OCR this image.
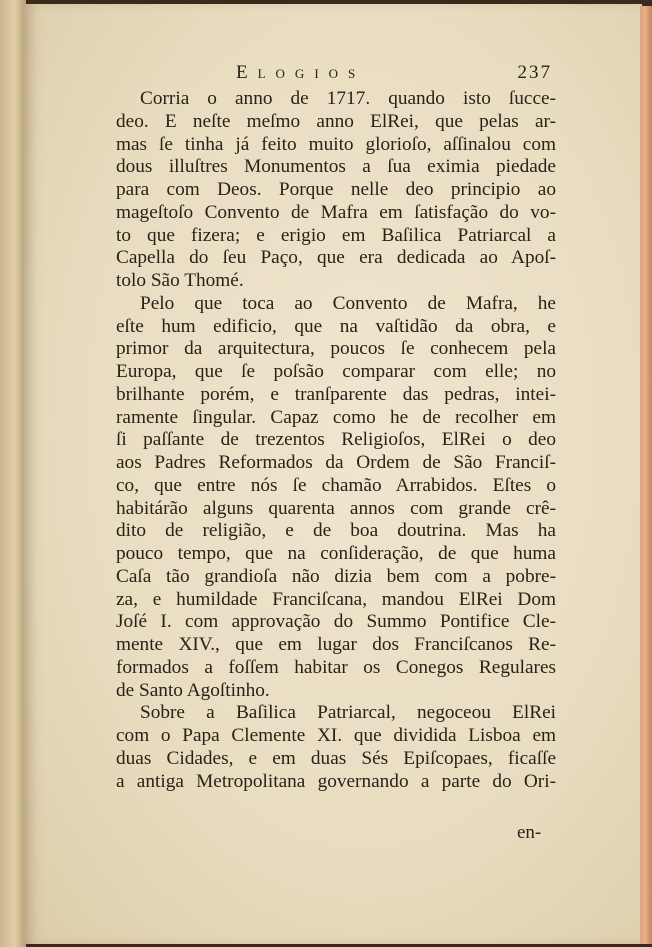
Elogios	237
Corria o anno de 1717. quando isto ſucce-
deo. E neſte meſmo anno ElRei, que pelas ar-
mas ſe tinha já feito muito glorioſo, aſſinalou com
dous illuſtres Monumentos a ſua eximia piedade
para com Deos. Porque nelle deo principio ao
mageſtoſo Convento de Mafra em ſatisfação do vo-
to que fizera; e erigio em Baſilica Patriarcal a
Capella do ſeu Paço, que era dedicada ao Apoſ-
tolo São Thomé.
Pelo que toca ao Convento de Mafra, he
eſte hum edificio, que na vaſtidão da obra, e
primor da arquitectura, poucos ſe conhecem pela
Europa, que ſe poſsão comparar com elle; no
brilhante porém, e tranſparente das pedras, intei-
ramente ſingular. Capaz como he de recolher em
ſi paſſante de trezentos Religioſos, ElRei o deo
aos Padres Reformados da Ordem de São Franciſ-
co, que entre nós ſe chamão Arrabidos. Eſtes o
habitárão alguns quarenta annos com grande crê-
dito de religião, e de boa doutrina. Mas ha
pouco tempo, que na conſideração, de que huma
Caſa tão grandioſa não dizia bem com a pobre-
za, e humildade Franciſcana, mandou ElRei Dom
Joſé I. com approvação do Summo Pontifice Cle-
mente XIV., que em lugar dos Franciſcanos Re-
formados a foſſem habitar os Conegos Regulares
de Santo Agoſtinho.
Sobre a Baſilica Patriarcal, negoceou ElRei
com o Papa Clemente XI. que dividida Lisboa em
duas Cidades, e em duas Sés Epiſcopaes, ficaſſe
a antiga Metropolitana governando a parte do Ori-
en-
